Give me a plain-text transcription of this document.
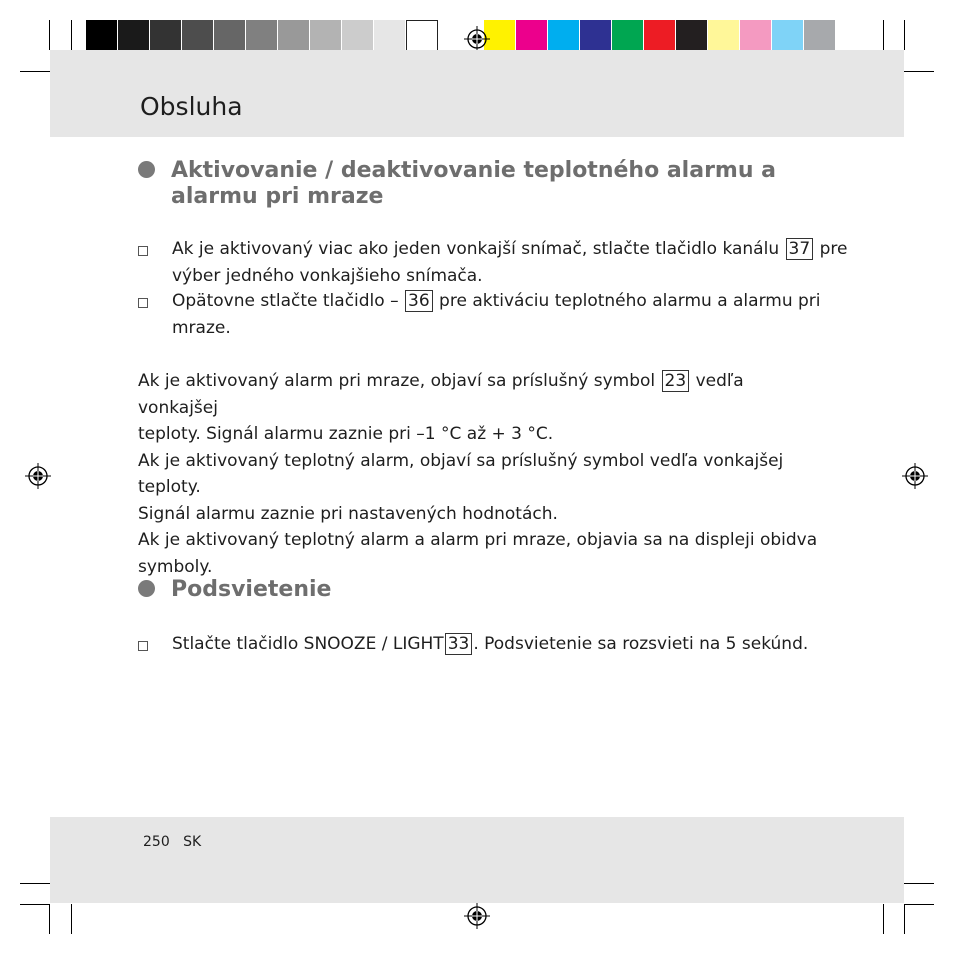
Obsluha
Aktivovanie / deaktivovanie teplotného alarmu a
alarmu pri mraze
Ak je aktivovaný viac ako jeden vonkajší snímač, stlačte tlačidlo kanálu 37 pre
výber jedného vonkajšieho snímača.
Opätovne stlačte tlačidlo – 36 pre aktiváciu teplotného alarmu a alarmu pri
mraze.
Ak je aktivovaný alarm pri mraze, objaví sa príslušný symbol 23 vedľa vonkajšej
teploty. Signál alarmu zaznie pri –1 °C až + 3 °C.
Ak je aktivovaný teplotný alarm, objaví sa príslušný symbol vedľa vonkajšej teploty.
Signál alarmu zaznie pri nastavených hodnotách.
Ak je aktivovaný teplotný alarm a alarm pri mraze, objavia sa na displeji obidva
symboly.
Podsvietenie
Stlačte tlačidlo SNOOZE / LIGHT 33 . Podsvietenie sa rozsvieti na 5 sekúnd.
250 SK
